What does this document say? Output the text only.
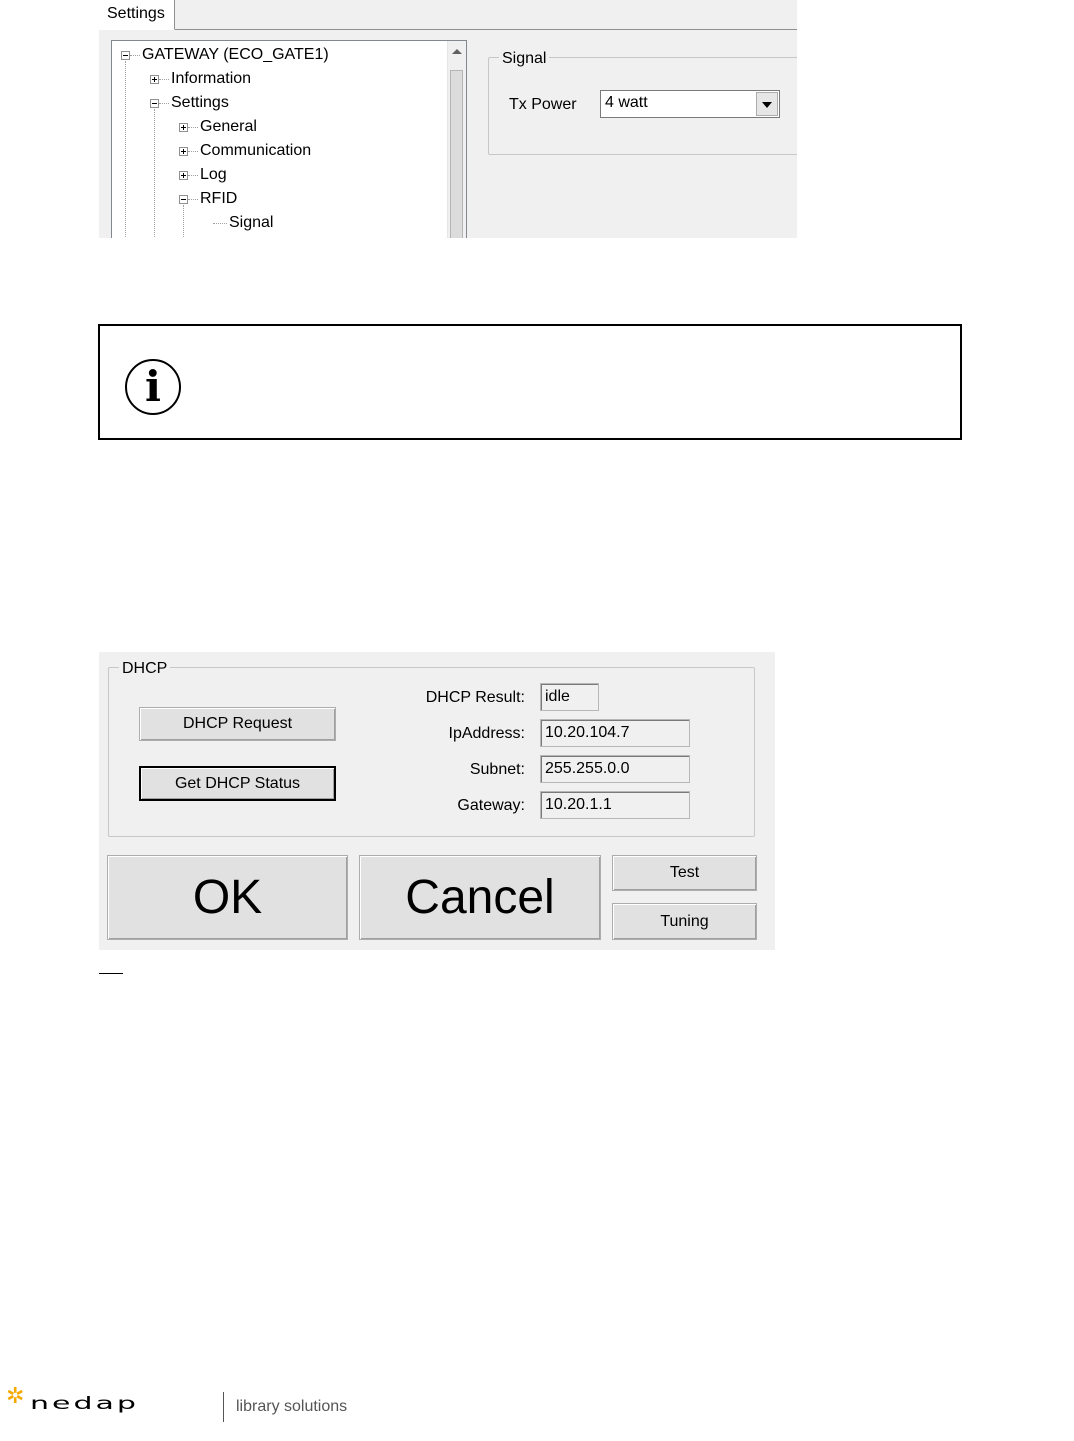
Settings
GATEWAY (ECO_GATE1)
Information
Settings
General
Communication
Log
RFID
Signal
Signal
Tx Power	4 watt
i
DHCP
DHCP Request
Get DHCP Status
DHCP Result:	idle
IpAddress:	10.20.104.7
Subnet:	255.255.0.0
Gateway:	10.20.1.1
OK	Cancel	Test
Tuning
✲ nedap	library solutions
